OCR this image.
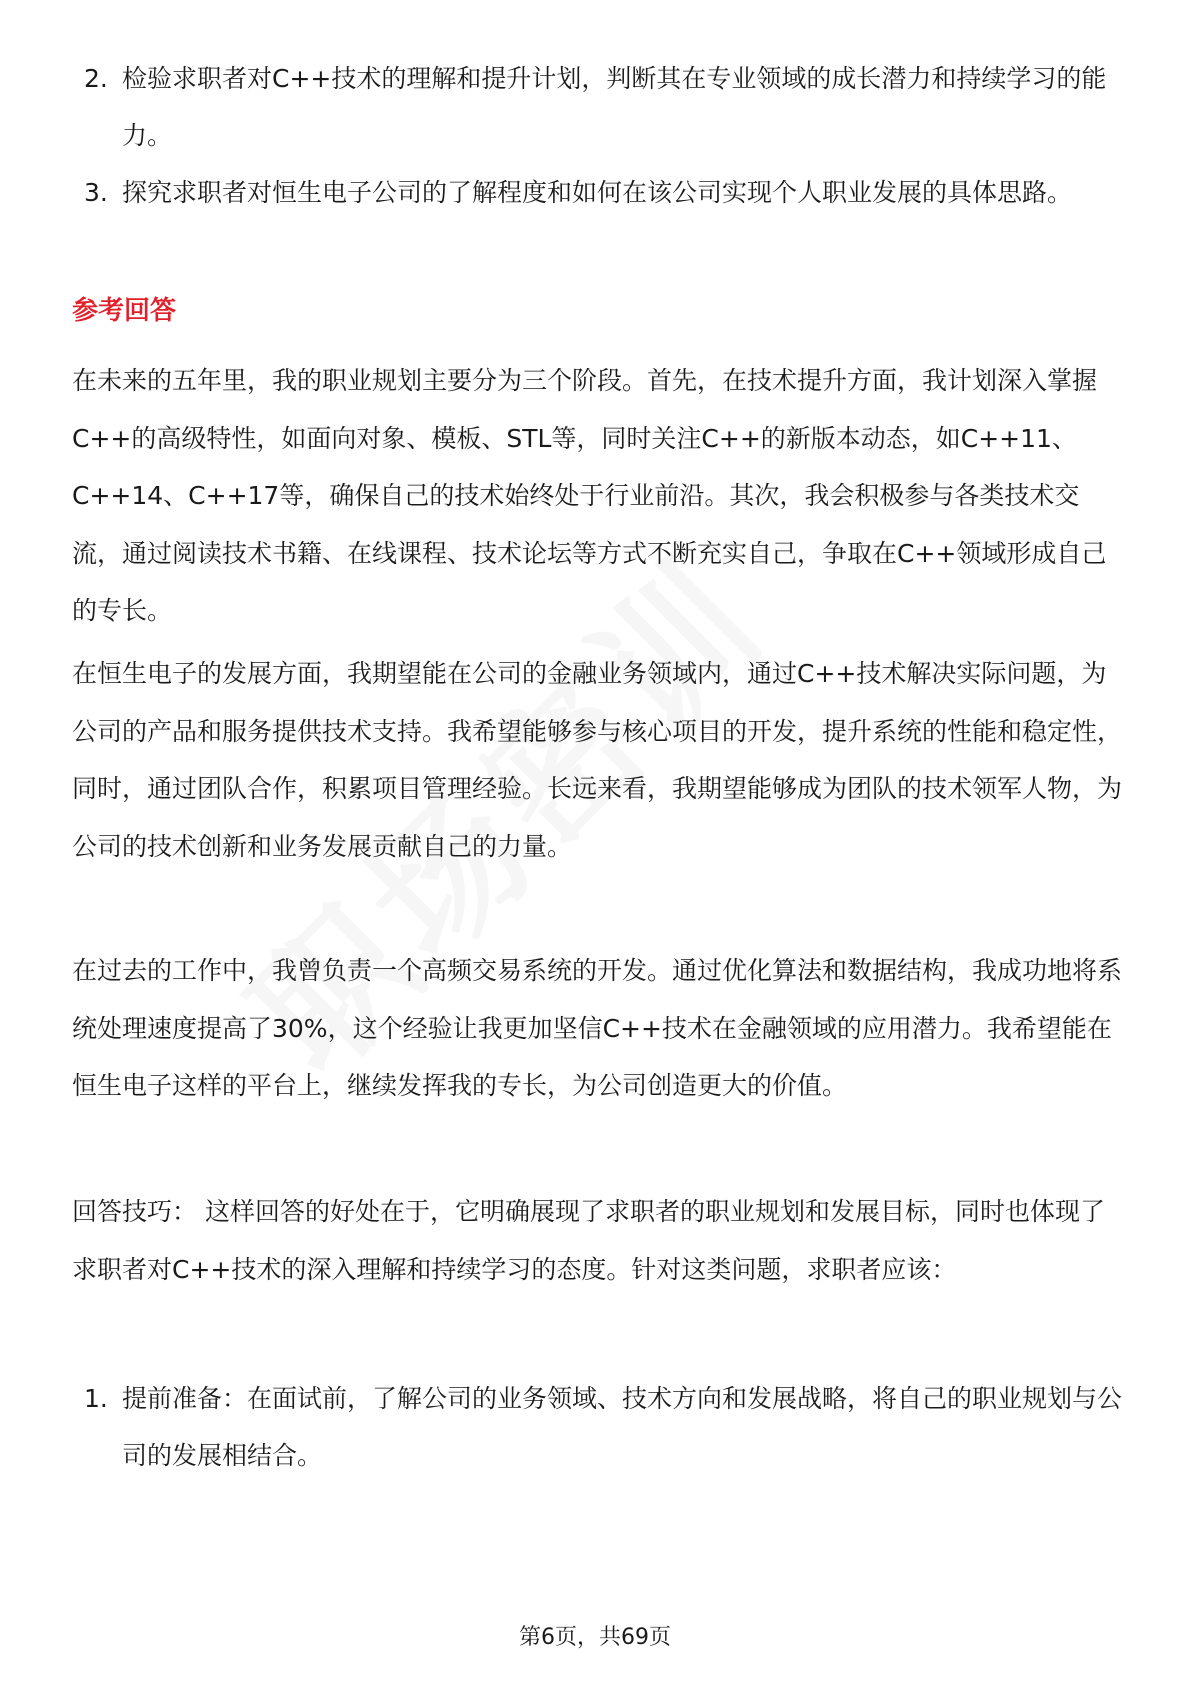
2. 检验求职者对C++技术的理解和提升计划，判断其在专业领域的成长潜力和持续学习的能力。
3. 探究求职者对恒生电子公司的了解程度和如何在该公司实现个人职业发展的具体思路。
参考回答

在未来的五年里，我的职业规划主要分为三个阶段。首先，在技术提升方面，我计划深入掌握C++的高级特性，如面向对象、模板、STL等，同时关注C++的新版本动态，如C++11、C++14、C++17等，确保自己的技术始终处于行业前沿。其次，我会积极参与各类技术交流，通过阅读技术书籍、在线课程、技术论坛等方式不断充实自己，争取在C++领域形成自己的专长。

在恒生电子的发展方面，我期望能在公司的金融业务领域内，通过C++技术解决实际问题，为公司的产品和服务提供技术支持。我希望能够参与核心项目的开发，提升系统的性能和稳定性，同时，通过团队合作，积累项目管理经验。长远来看，我期望能够成为团队的技术领军人物，为公司的技术创新和业务发展贡献自己的力量。

在过去的工作中，我曾负责一个高频交易系统的开发。通过优化算法和数据结构，我成功地将系统处理速度提高了30%，这个经验让我更加坚信C++技术在金融领域的应用潜力。我希望能在恒生电子这样的平台上，继续发挥我的专长，为公司创造更大的价值。

回答技巧： 这样回答的好处在于，它明确展现了求职者的职业规划和发展目标，同时也体现了求职者对C++技术的深入理解和持续学习的态度。针对这类问题，求职者应该：

1. 提前准备：在面试前，了解公司的业务领域、技术方向和发展战略，将自己的职业规划与公司的发展相结合。
第6页，共69页
